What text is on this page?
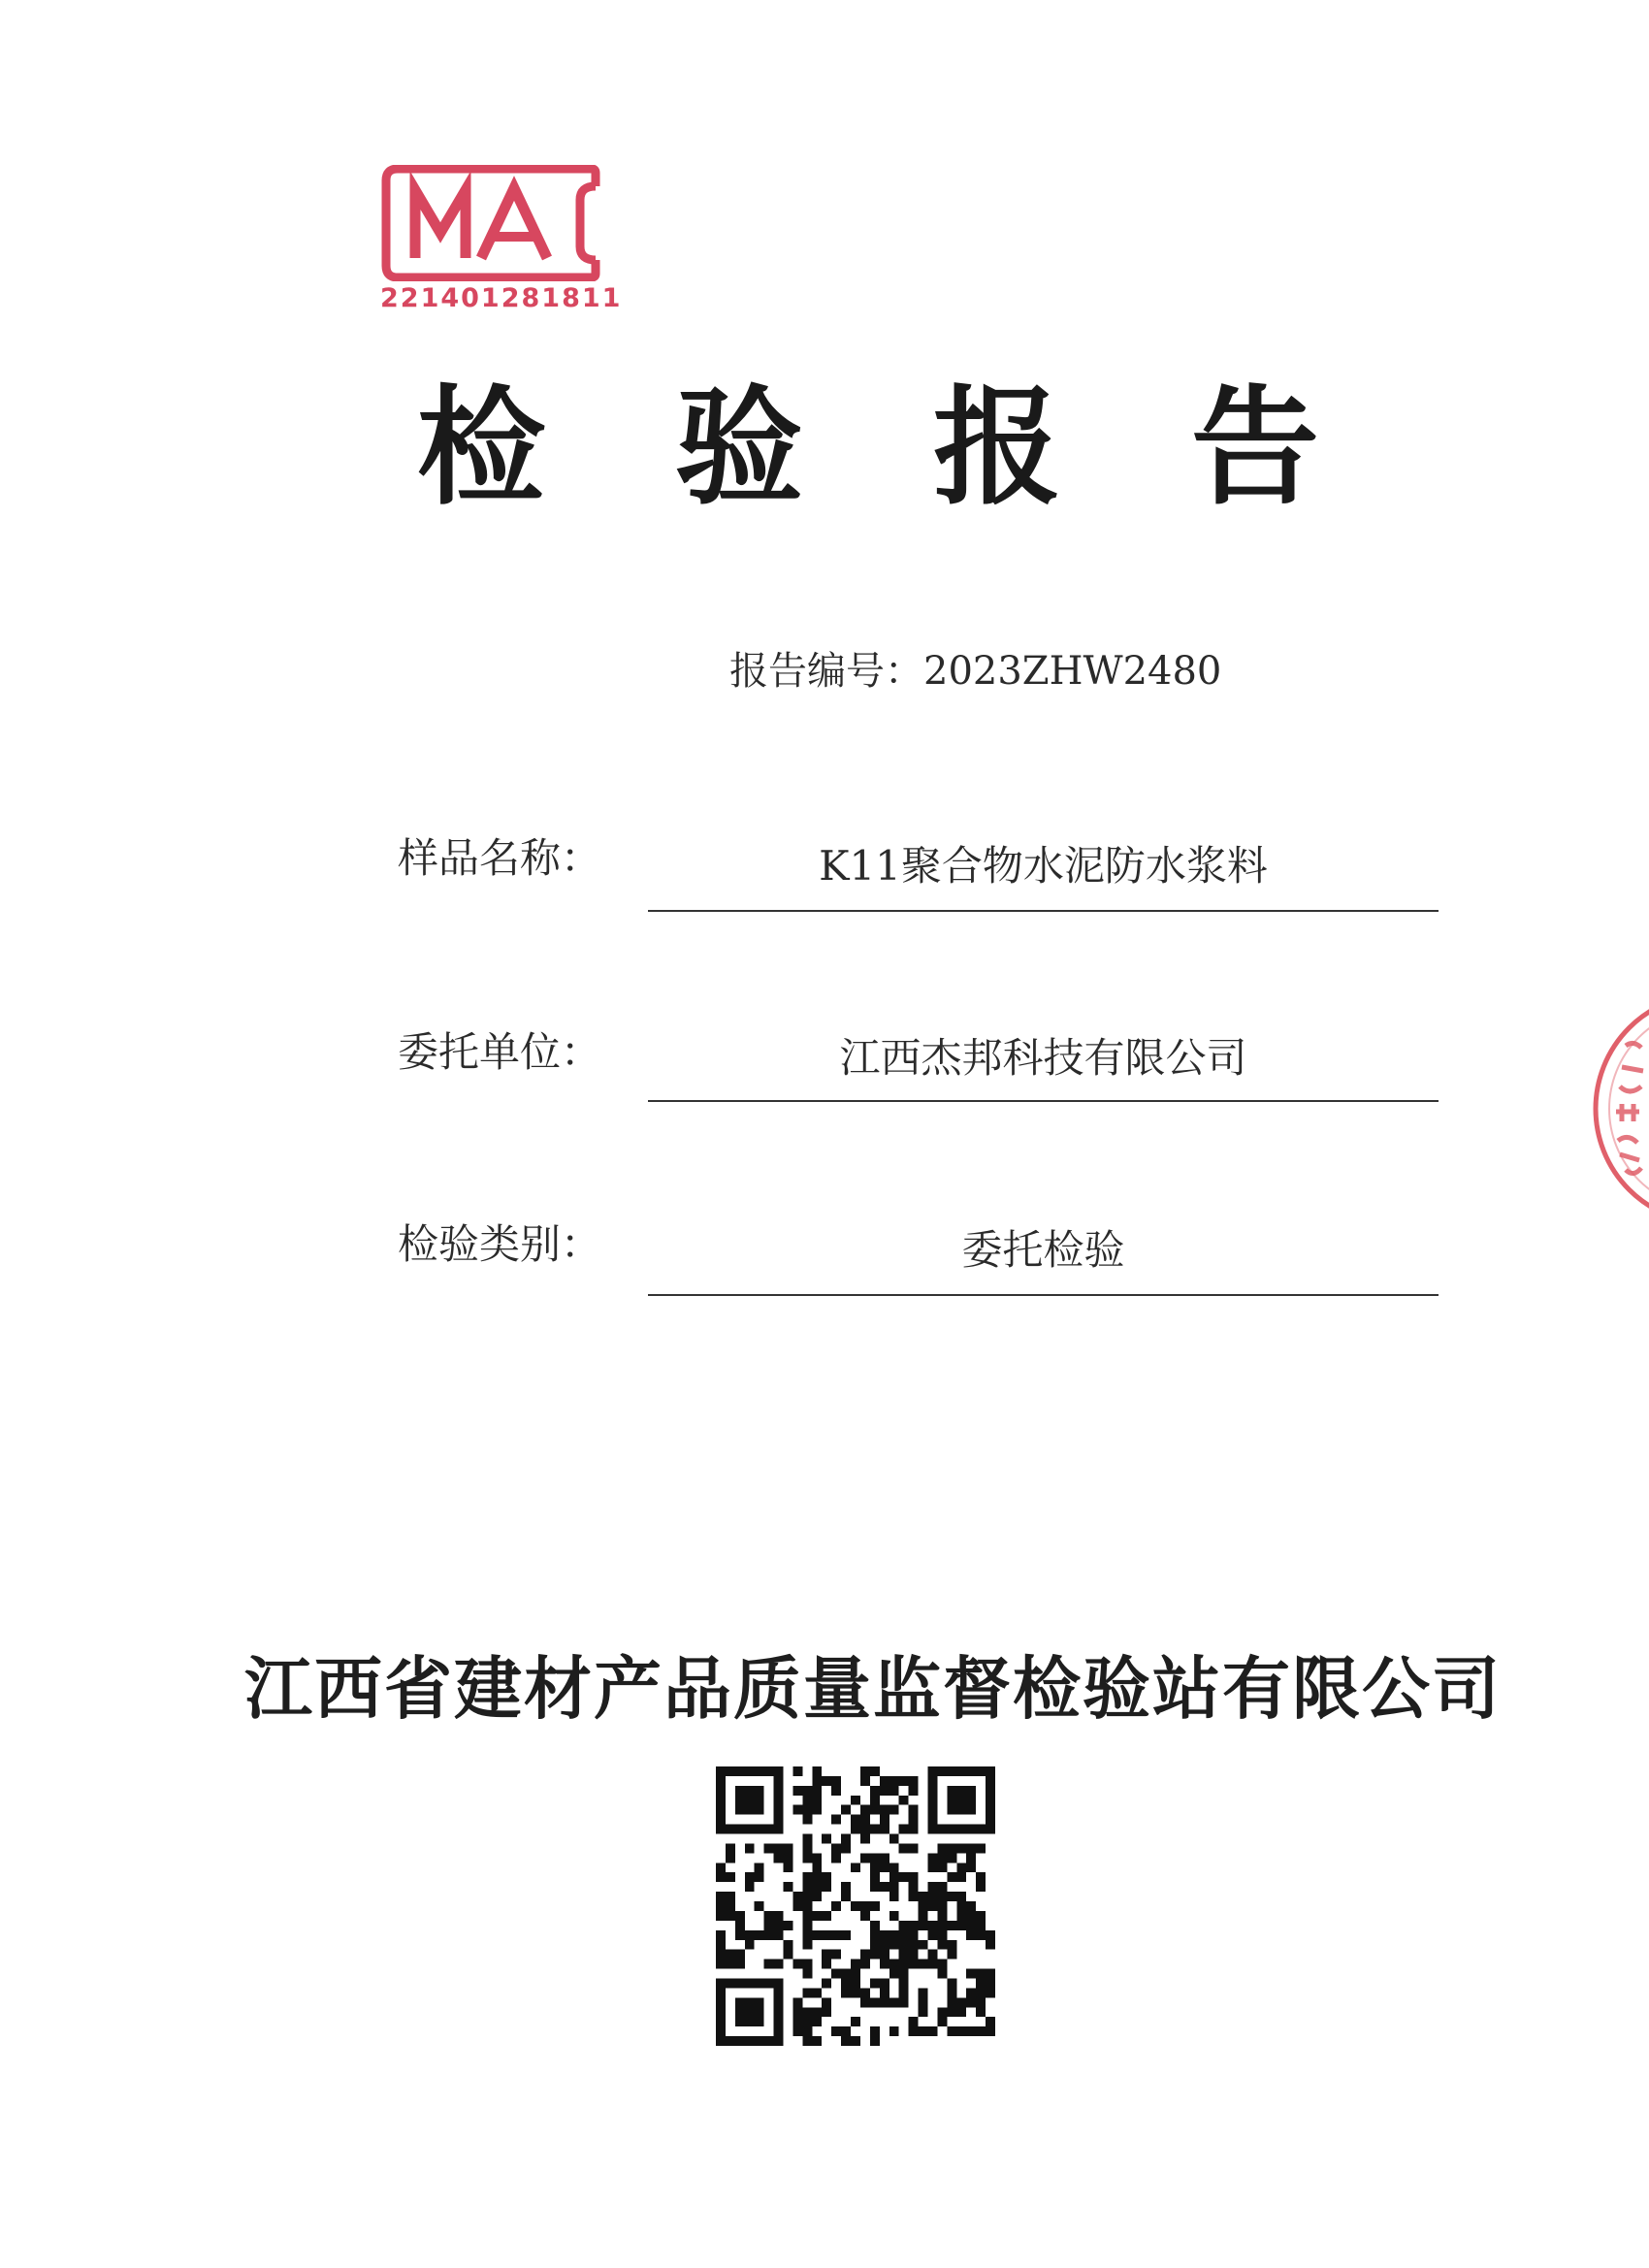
221401281811
检 验 报 告
报告编号：2023ZHW2480
样品名称：	K11聚合物水泥防水浆料
委托单位：	江西杰邦科技有限公司
检验类别：	委托检验
江西省建材产品质量监督检验站有限公司
